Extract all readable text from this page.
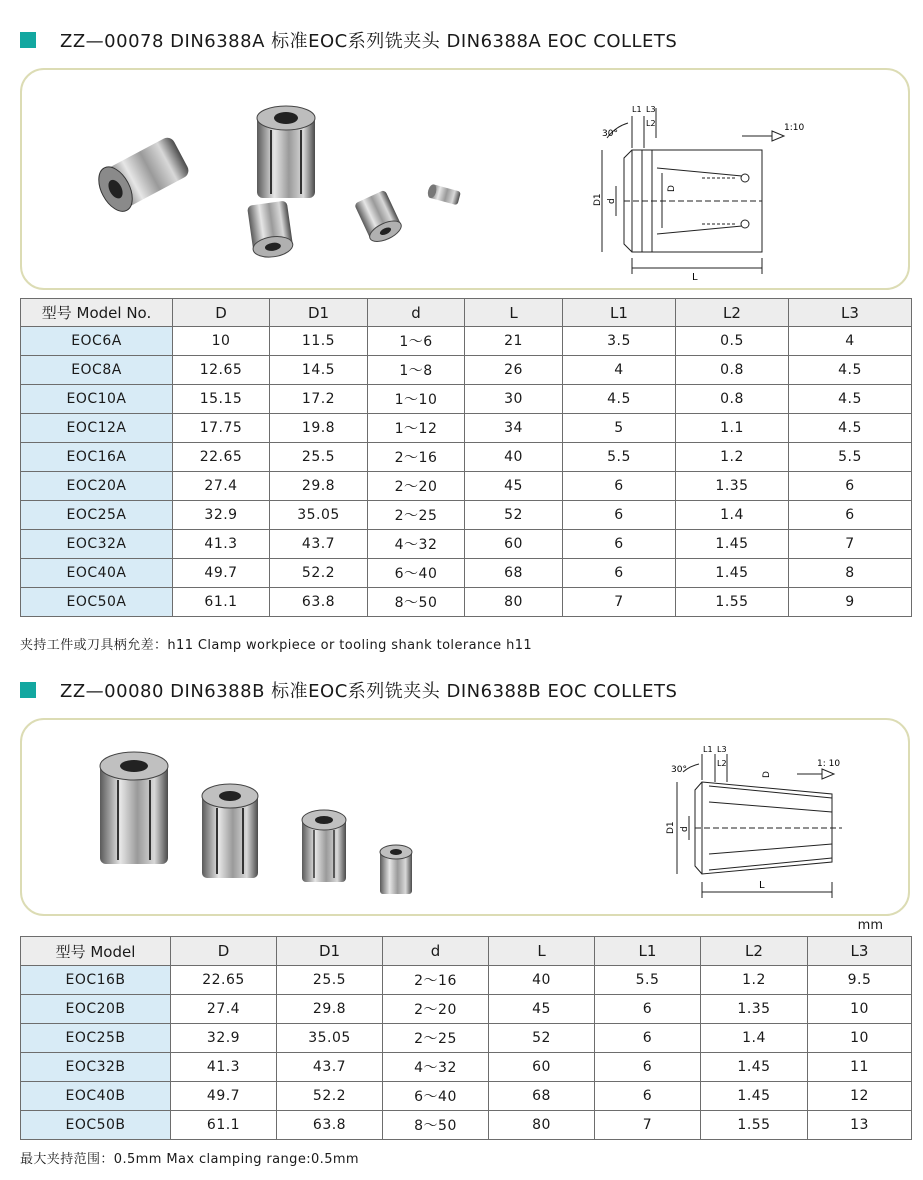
ZZ—00078 DIN6388A 标准EOC系列铣夹头 DIN6388A EOC COLLETS
30°
1:10
L1 L3
L2
L
D1 d
D
型号 Model No.	D	D1	d	L	L1	L2	L3
EOC6A	10	11.5	1～6	21	3.5	0.5	4
EOC8A	12.65	14.5	1～8	26	4	0.8	4.5
EOC10A	15.15	17.2	1～10	30	4.5	0.8	4.5
EOC12A	17.75	19.8	1～12	34	5	1.1	4.5
EOC16A	22.65	25.5	2～16	40	5.5	1.2	5.5
EOC20A	27.4	29.8	2～20	45	6	1.35	6
EOC25A	32.9	35.05	2～25	52	6	1.4	6
EOC32A	41.3	43.7	4～32	60	6	1.45	7
EOC40A	49.7	52.2	6～40	68	6	1.45	8
EOC50A	61.1	63.8	8～50	80	7	1.55	9
夹持工件或刀具柄允差：h11 Clamp workpiece or tooling shank tolerance h11
ZZ—00080 DIN6388B 标准EOC系列铣夹头 DIN6388B EOC COLLETS
30°
1: 10
L1 L3
L2
L
D1 d
D
mm
型号 Model	D	D1	d	L	L1	L2	L3
EOC16B	22.65	25.5	2～16	40	5.5	1.2	9.5
EOC20B	27.4	29.8	2～20	45	6	1.35	10
EOC25B	32.9	35.05	2～25	52	6	1.4	10
EOC32B	41.3	43.7	4～32	60	6	1.45	11
EOC40B	49.7	52.2	6～40	68	6	1.45	12
EOC50B	61.1	63.8	8～50	80	7	1.55	13
最大夹持范围：0.5mm Max clamping range:0.5mm
